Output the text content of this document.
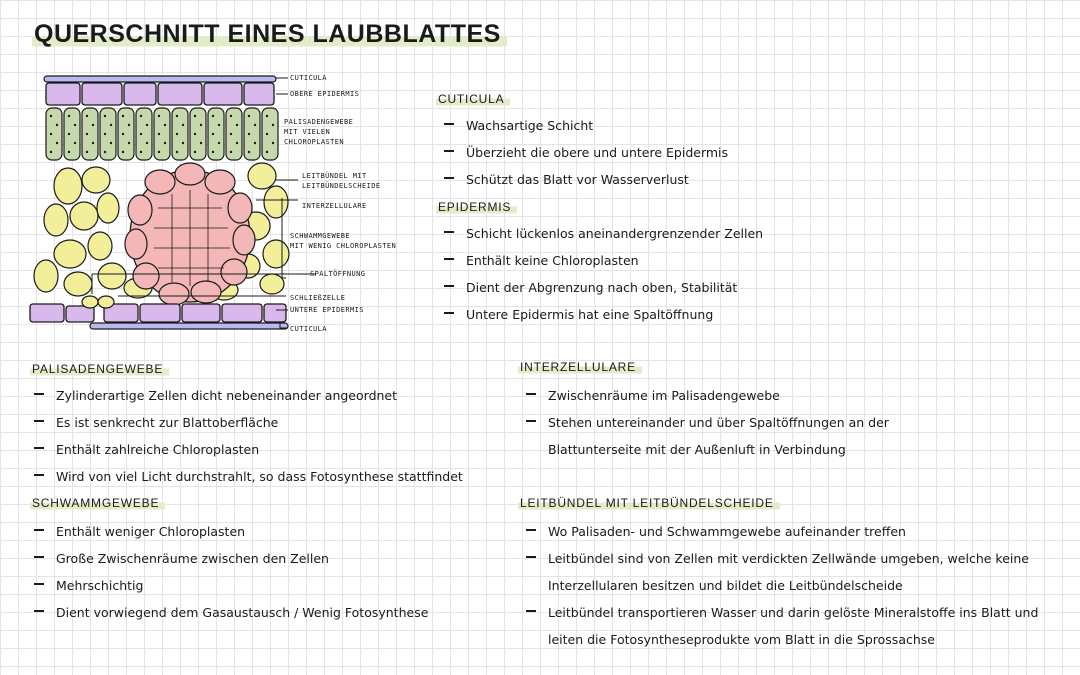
QUERSCHNITT EINES LAUBBLATTES
CUTICULA
OBERE EPIDERMIS
PALISADENGEWEBE
MIT VIELEN
CHLOROPLASTEN
LEITBÜNDEL MIT
LEITBÜNDELSCHEIDE
INTERZELLULARE
SCHWAMMGEWEBE
MIT WENIG CHLOROPLASTEN
SPALTÖFFNUNG
SCHLIEßZELLE
UNTERE EPIDERMIS
CUTICULA
CUTICULA
Wachsartige Schicht
Überzieht die obere und untere Epidermis
Schützt das Blatt vor Wasserverlust
EPIDERMIS
Schicht lückenlos aneinandergrenzender Zellen
Enthält keine Chloroplasten
Dient der Abgrenzung nach oben, Stabilität
Untere Epidermis hat eine Spaltöffnung
PALISADENGEWEBE
Zylinderartige Zellen dicht nebeneinander angeordnet
Es ist senkrecht zur Blattoberfläche
Enthält zahlreiche Chloroplasten
Wird von viel Licht durchstrahlt, so dass Fotosynthese stattfindet
SCHWAMMGEWEBE
Enthält weniger Chloroplasten
Große Zwischenräume zwischen den Zellen
Mehrschichtig
Dient vorwiegend dem Gasaustausch / Wenig Fotosynthese
INTERZELLULARE
Zwischenräume im Palisadengewebe
Stehen untereinander und über Spaltöffnungen an der Blattunterseite mit der Außenluft in Verbindung
LEITBÜNDEL MIT LEITBÜNDELSCHEIDE
Wo Palisaden- und Schwammgewebe aufeinander treffen
Leitbündel sind von Zellen mit verdickten Zellwände umgeben, welche keine Interzellularen besitzen und bildet die Leitbündelscheide
Leitbündel transportieren Wasser und darin gelöste Mineralstoffe ins Blatt und leiten die Fotosyntheseprodukte vom Blatt in die Sprossachse
